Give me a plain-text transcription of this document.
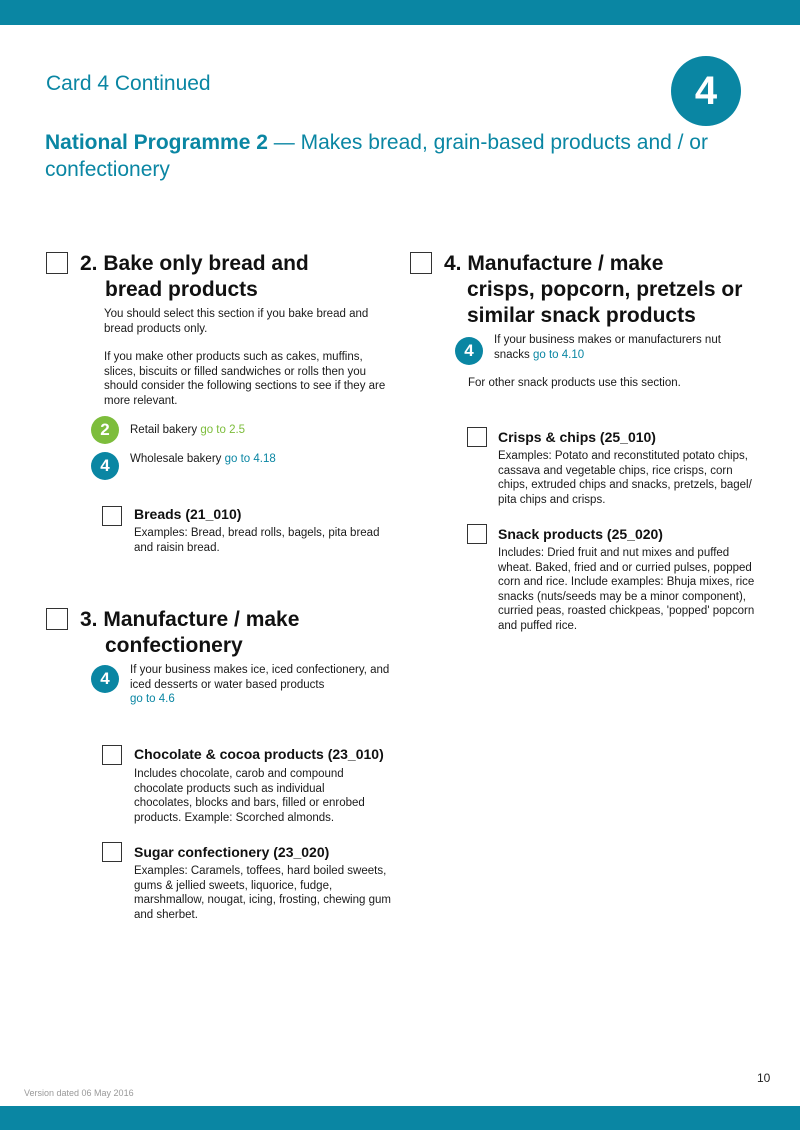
Card 4 Continued	4
National Programme 2 — Makes bread, grain-based products and / or confectionery
2. Bake only bread and
bread products
You should select this section if you bake bread and bread products only.
If you make other products such as cakes, muffins, slices, biscuits or filled sandwiches or rolls then you should consider the following sections to see if they are more relevant.
2	Retail bakery go to 2.5
4	Wholesale bakery go to 4.18
Breads (21_010)
Examples: Bread, bread rolls, bagels, pita bread and raisin bread.
3. Manufacture / make
confectionery
4	If your business makes ice, iced confectionery, and iced desserts or water based products
go to 4.6
Chocolate & cocoa products (23_010)
Includes chocolate, carob and compound chocolate products such as individual chocolates, blocks and bars, filled or enrobed products. Example: Scorched almonds.
Sugar confectionery (23_020)
Examples: Caramels, toffees, hard boiled sweets, gums & jellied sweets, liquorice, fudge, marshmallow, nougat, icing, frosting, chewing gum and sherbet.
4. Manufacture / make
crisps, popcorn, pretzels or
similar snack products
4
If your business makes or manufacturers nut snacks go to 4.10
For other snack products use this section.
Crisps & chips (25_010)
Examples: Potato and reconstituted potato chips, cassava and vegetable chips, rice crisps, corn chips, extruded chips and snacks, pretzels, bagel/ pita chips and crisps.
Snack products (25_020)
Includes: Dried fruit and nut mixes and puffed wheat. Baked, fried and or curried pulses, popped corn and rice. Include examples: Bhuja mixes, rice snacks (nuts/seeds may be a minor component), curried peas, roasted chickpeas, 'popped' popcorn and puffed rice.
10
Version dated 06 May 2016
